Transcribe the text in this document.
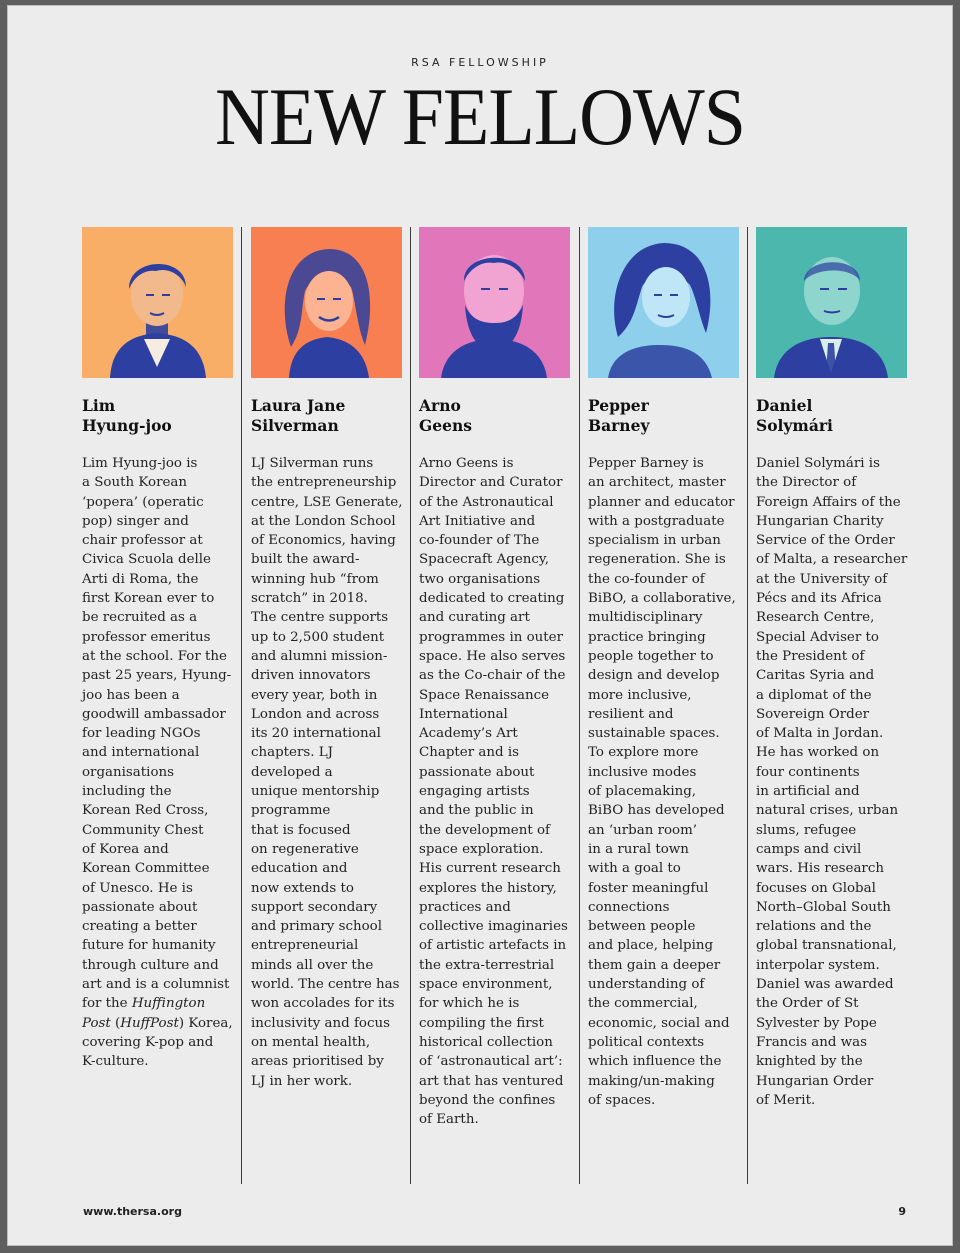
RSA FELLOWSHIP
NEW FELLOWS
Lim
Hyung-joo

Lim Hyung-joo is
a South Korean
‘popera’ (operatic
pop) singer and
chair professor at
Civica Scuola delle
Arti di Roma, the
first Korean ever to
be recruited as a
professor emeritus
at the school. For the
past 25 years, Hyung-
joo has been a
goodwill ambassador
for leading NGOs
and international
organisations
including the
Korean Red Cross,
Community Chest
of Korea and
Korean Committee
of Unesco. He is
passionate about
creating a better
future for humanity
through culture and
art and is a columnist
for the Huffington
Post (HuffPost) Korea,
covering K-pop and
K-culture.

Laura Jane
Silverman

LJ Silverman runs
the entrepreneurship
centre, LSE Generate,
at the London School
of Economics, having
built the award-
winning hub “from
scratch” in 2018.
The centre supports
up to 2,500 student
and alumni mission-
driven innovators
every year, both in
London and across
its 20 international
chapters. LJ
developed a
unique mentorship
programme
that is focused
on regenerative
education and
now extends to
support secondary
and primary school
entrepreneurial
minds all over the
world. The centre has
won accolades for its
inclusivity and focus
on mental health,
areas prioritised by
LJ in her work.

Arno
Geens

Arno Geens is
Director and Curator
of the Astronautical
Art Initiative and
co-founder of The
Spacecraft Agency,
two organisations
dedicated to creating
and curating art
programmes in outer
space. He also serves
as the Co-chair of the
Space Renaissance
International
Academy’s Art
Chapter and is
passionate about
engaging artists
and the public in
the development of
space exploration.
His current research
explores the history,
practices and
collective imaginaries
of artistic artefacts in
the extra-terrestrial
space environment,
for which he is
compiling the first
historical collection
of ‘astronautical art’:
art that has ventured
beyond the confines
of Earth.

Pepper
Barney

Pepper Barney is
an architect, master
planner and educator
with a postgraduate
specialism in urban
regeneration. She is
the co-founder of
BiBO, a collaborative,
multidisciplinary
practice bringing
people together to
design and develop
more inclusive,
resilient and
sustainable spaces.
To explore more
inclusive modes
of placemaking,
BiBO has developed
an ‘urban room’
in a rural town
with a goal to
foster meaningful
connections
between people
and place, helping
them gain a deeper
understanding of
the commercial,
economic, social and
political contexts
which influence the
making/un-making
of spaces.

Daniel
Solymári

Daniel Solymári is
the Director of
Foreign Affairs of the
Hungarian Charity
Service of the Order
of Malta, a researcher
at the University of
Pécs and its Africa
Research Centre,
Special Adviser to
the President of
Caritas Syria and
a diplomat of the
Sovereign Order
of Malta in Jordan.
He has worked on
four continents
in artificial and
natural crises, urban
slums, refugee
camps and civil
wars. His research
focuses on Global
North–Global South
relations and the
global transnational,
interpolar system.
Daniel was awarded
the Order of St
Sylvester by Pope
Francis and was
knighted by the
Hungarian Order
of Merit.

www.thersa.org	9
